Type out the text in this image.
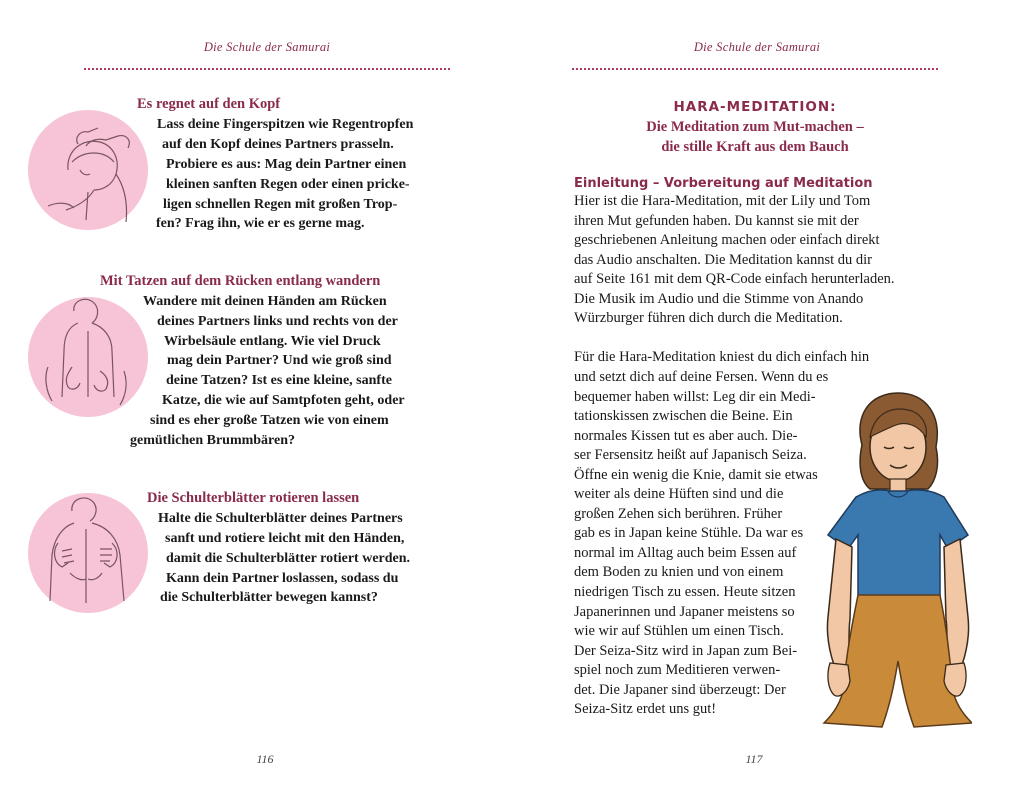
Die Schule der Samurai
Es regnet auf den Kopf
Lass deine Fingerspitzen wie Regentropfen
auf den Kopf deines Partners prasseln.
Probiere es aus: Mag dein Partner einen
kleinen sanften Regen oder einen pricke-
ligen schnellen Regen mit großen Trop-
fen? Frag ihn, wie er es gerne mag.
Mit Tatzen auf dem Rücken entlang wandern
Wandere mit deinen Händen am Rücken
deines Partners links und rechts von der
Wirbelsäule entlang. Wie viel Druck
mag dein Partner? Und wie groß sind
deine Tatzen? Ist es eine kleine, sanfte
Katze, die wie auf Samtpfoten geht, oder
sind es eher große Tatzen wie von einem
gemütlichen Brummbären?
Die Schulterblätter rotieren lassen
Halte die Schulterblätter deines Partners
sanft und rotiere leicht mit den Händen,
damit die Schulterblätter rotiert werden.
Kann dein Partner loslassen, sodass du
die Schulterblätter bewegen kannst?
116
Die Schule der Samurai
HARA-MEDITATION:
Die Meditation zum Mut-machen –
die stille Kraft aus dem Bauch
Einleitung – Vorbereitung auf Meditation
Hier ist die Hara-Meditation, mit der Lily und Tom
ihren Mut gefunden haben. Du kannst sie mit der
geschriebenen Anleitung machen oder einfach direkt
das Audio anschalten. Die Meditation kannst du dir
auf Seite 161 mit dem QR-Code einfach herunterladen.
Die Musik im Audio und die Stimme von Anando
Würzburger führen dich durch die Meditation.
Für die Hara-Meditation kniest du dich einfach hin
und setzt dich auf deine Fersen. Wenn du es
bequemer haben willst: Leg dir ein Medi-
tationskissen zwischen die Beine. Ein
normales Kissen tut es aber auch. Die-
ser Fersensitz heißt auf Japanisch Seiza.
Öffne ein wenig die Knie, damit sie etwas
weiter als deine Hüften sind und die
großen Zehen sich berühren. Früher
gab es in Japan keine Stühle. Da war es
normal im Alltag auch beim Essen auf
dem Boden zu knien und von einem
niedrigen Tisch zu essen. Heute sitzen
Japanerinnen und Japaner meistens so
wie wir auf Stühlen um einen Tisch.
Der Seiza-Sitz wird in Japan zum Bei-
spiel noch zum Meditieren verwen-
det. Die Japaner sind überzeugt: Der
Seiza-Sitz erdet uns gut!
117
